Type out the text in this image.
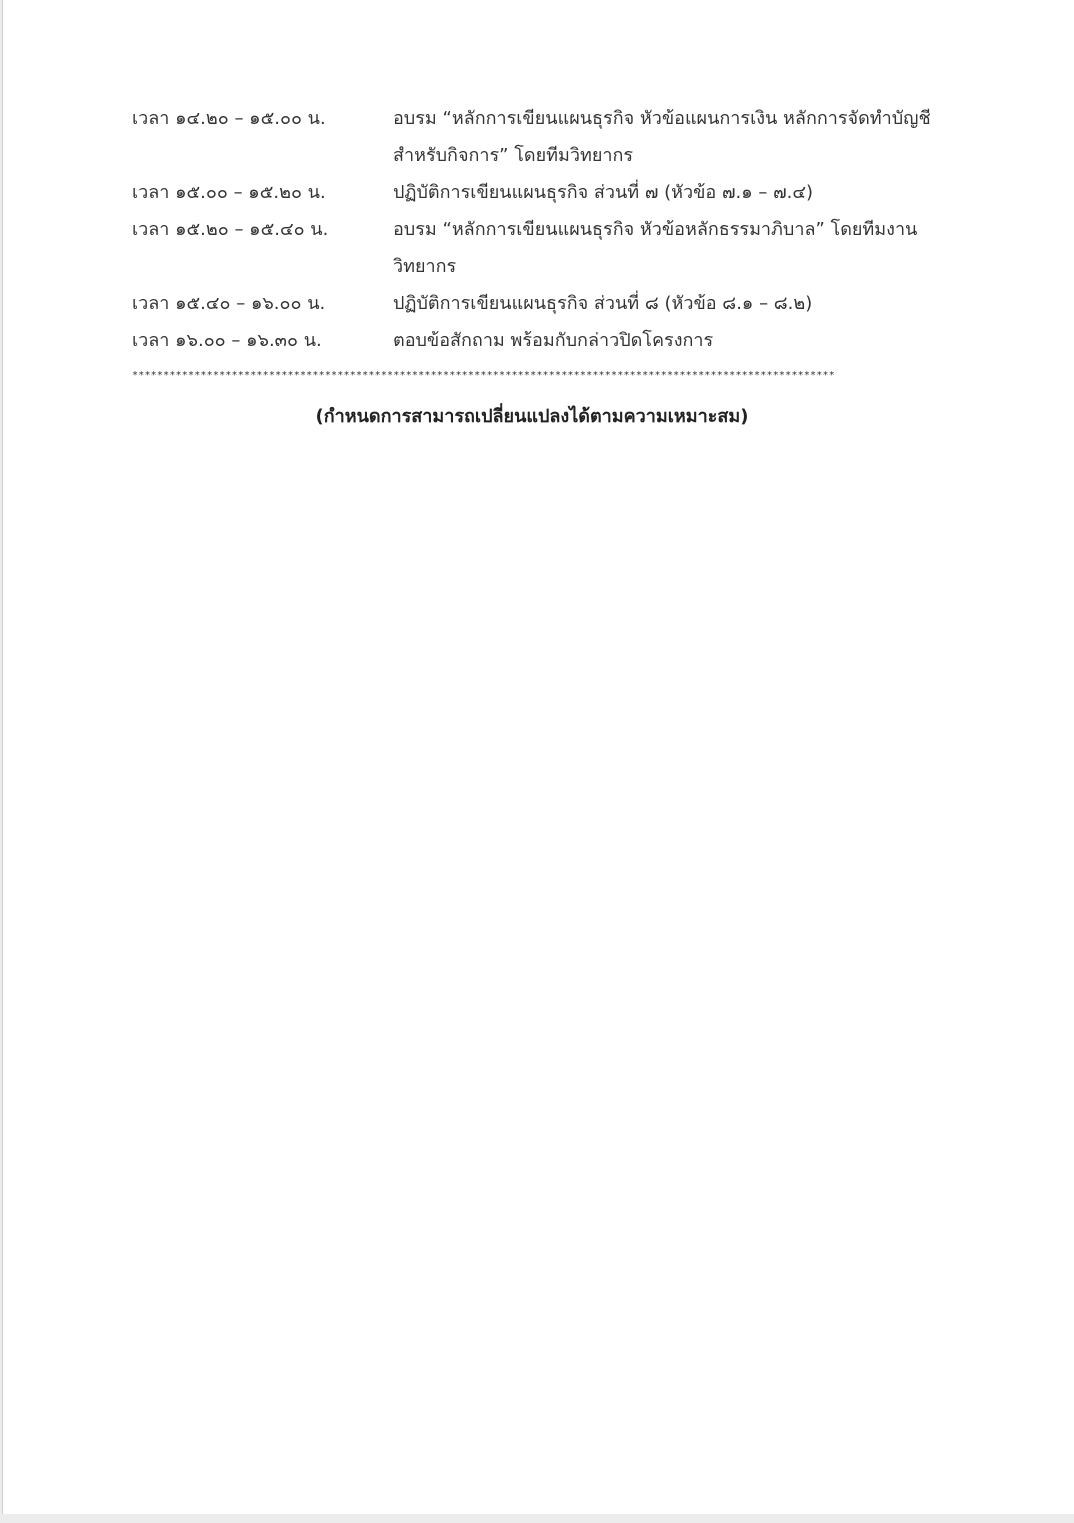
เวลา ๑๔.๒๐ – ๑๕.๐๐ น.	อบรม “หลักการเขียนแผนธุรกิจ หัวข้อแผนการเงิน หลักการจัดทำบัญชี
สำหรับกิจการ” โดยทีมวิทยากร
เวลา ๑๕.๐๐ – ๑๕.๒๐ น.	ปฏิบัติการเขียนแผนธุรกิจ ส่วนที่ ๗ (หัวข้อ ๗.๑ – ๗.๔)
เวลา ๑๕.๒๐ – ๑๕.๔๐ น.	อบรม “หลักการเขียนแผนธุรกิจ หัวข้อหลักธรรมาภิบาล” โดยทีมงาน
วิทยากร
เวลา ๑๕.๔๐ – ๑๖.๐๐ น.	ปฏิบัติการเขียนแผนธุรกิจ ส่วนที่ ๘ (หัวข้อ ๘.๑ – ๘.๒)
เวลา ๑๖.๐๐ – ๑๖.๓๐ น.	ตอบข้อสักถาม พร้อมกับกล่าวปิดโครงการ
*****************************************************************************************************************
(กำหนดการสามารถเปลี่ยนแปลงได้ตามความเหมาะสม)
